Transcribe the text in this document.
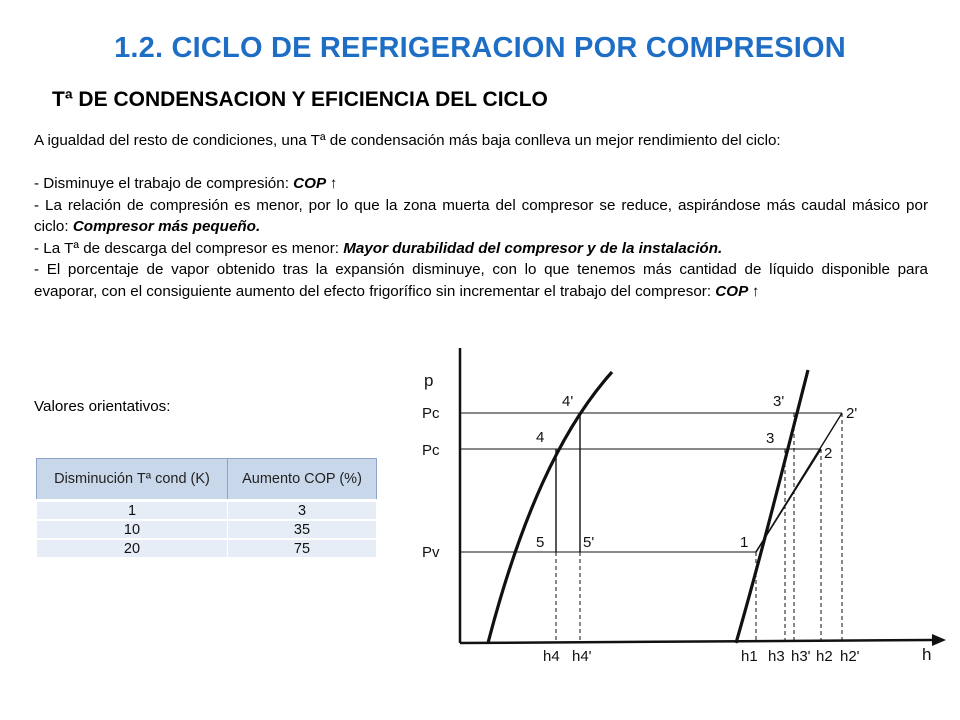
1.2. CICLO DE REFRIGERACION POR COMPRESION
Tª DE CONDENSACION Y EFICIENCIA DEL CICLO

A igualdad del resto de condiciones, una Tª de condensación más baja conlleva un mejor rendimiento del ciclo:

- Disminuye el trabajo de compresión: COP ↑

- La relación de compresión es menor, por lo que la zona muerta del compresor se reduce, aspirándose más caudal másico por ciclo: Compresor más pequeño.

- La Tª de descarga del compresor es menor: Mayor durabilidad del compresor y de la instalación.

- El porcentaje de vapor obtenido tras la expansión disminuye, con lo que tenemos más cantidad de líquido disponible para evaporar, con el consiguiente aumento del efecto frigorífico sin incrementar el trabajo del compresor: COP ↑

Valores orientativos:
Disminución Tª cond (K)	Aumento COP (%)
1	3
10	35
20	75
p
h
Pc
Pc
Pv
4'
4
5	5'
3'
3
1
2'
2
h4 h4'	h1 h3 h3' h2 h2'
